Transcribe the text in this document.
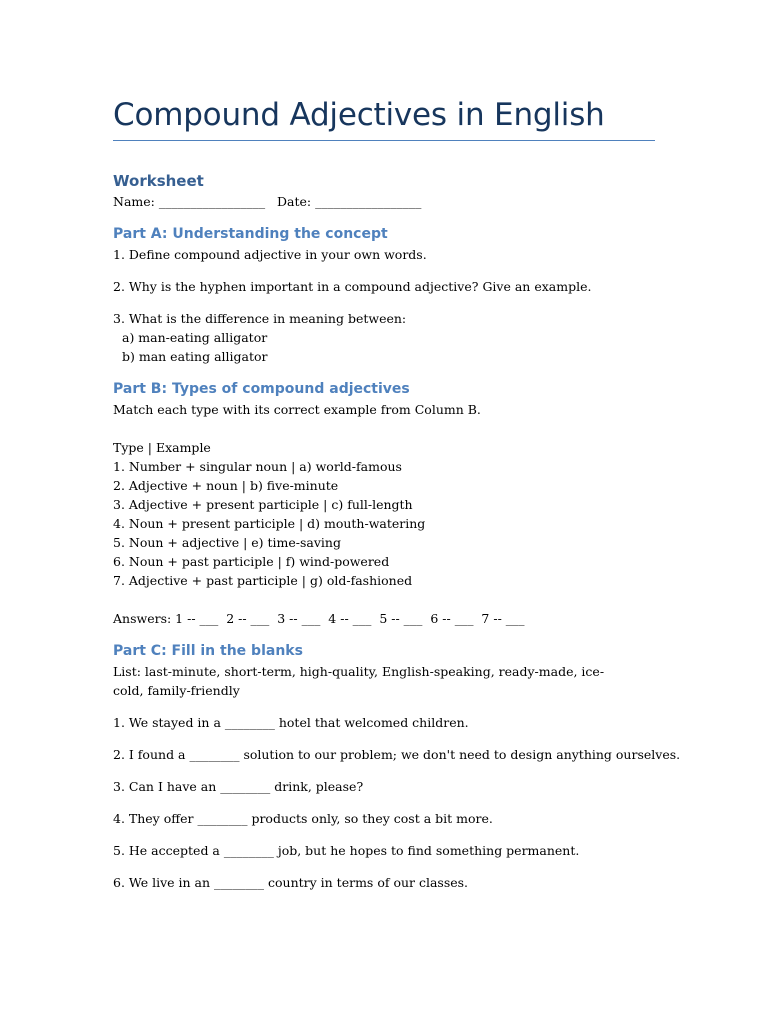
Compound Adjectives in English
Worksheet
Name: _________________   Date: _________________
Part A: Understanding the concept
1. Define compound adjective in your own words.
2. Why is the hyphen important in a compound adjective? Give an example.
3. What is the difference in meaning between:
a) man-eating alligator
b) man eating alligator
Part B: Types of compound adjectives
Match each type with its correct example from Column B.
Type | Example
1. Number + singular noun | a) world-famous
2. Adjective + noun | b) five-minute
3. Adjective + present participle | c) full-length
4. Noun + present participle | d) mouth-watering
5. Noun + adjective | e) time-saving
6. Noun + past participle | f) wind-powered
7. Adjective + past participle | g) old-fashioned
Answers: 1 -- ___  2 -- ___  3 -- ___  4 -- ___  5 -- ___  6 -- ___  7 -- ___
Part C: Fill in the blanks
List: last-minute, short-term, high-quality, English-speaking, ready-made, ice-cold, family-friendly
1. We stayed in a ________ hotel that welcomed children.
2. I found a ________ solution to our problem; we don't need to design anything ourselves.
3. Can I have an ________ drink, please?
4. They offer ________ products only, so they cost a bit more.
5. He accepted a ________ job, but he hopes to find something permanent.
6. We live in an ________ country in terms of our classes.
